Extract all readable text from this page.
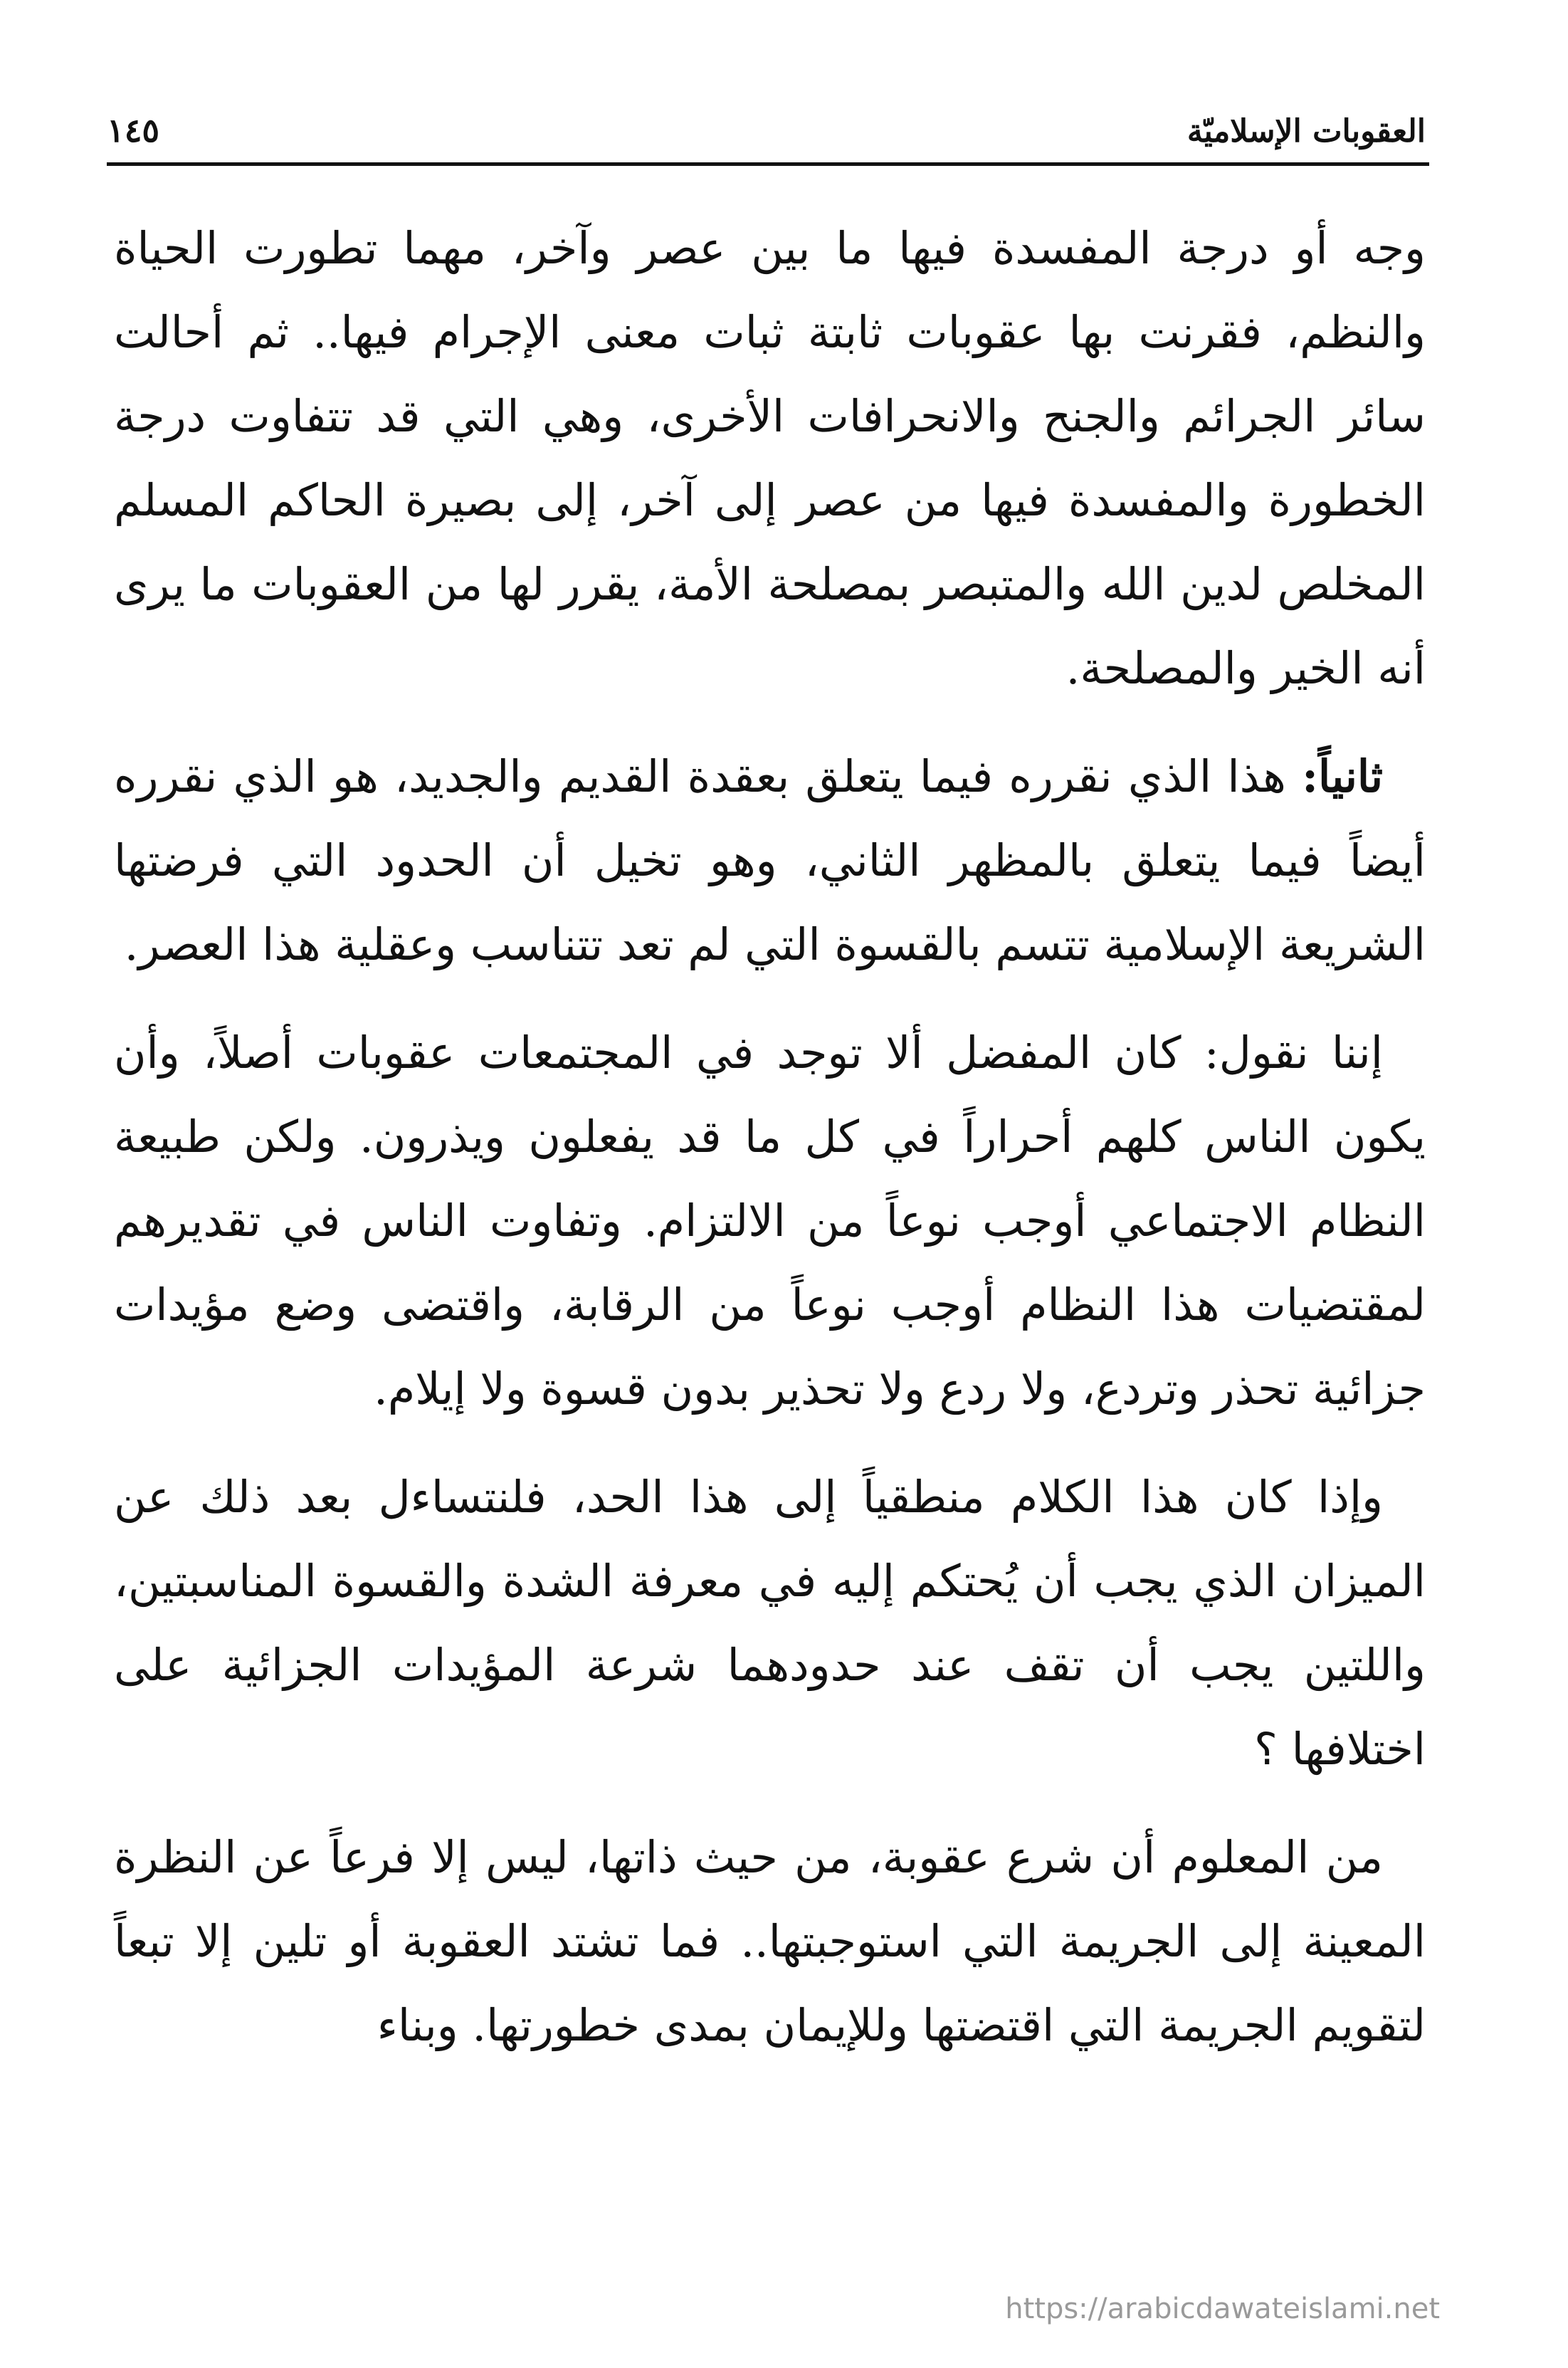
العقوبات الإسلاميّة
١٤٥

وجه أو درجة المفسدة فيها ما بين عصر وآخر، مهما تطورت الحياة والنظم، فقرنت بها عقوبات ثابتة ثبات معنى الإجرام فيها.. ثم أحالت سائر الجرائم والجنح والانحرافات الأخرى، وهي التي قد تتفاوت درجة الخطورة والمفسدة فيها من عصر إلى آخر، إلى بصيرة الحاكم المسلم المخلص لدين الله والمتبصر بمصلحة الأمة، يقرر لها من العقوبات ما يرى أنه الخير والمصلحة.

ثانياً: هذا الذي نقرره فيما يتعلق بعقدة القديم والجديد، هو الذي نقرره أيضاً فيما يتعلق بالمظهر الثاني، وهو تخيل أن الحدود التي فرضتها الشريعة الإسلامية تتسم بالقسوة التي لم تعد تتناسب وعقلية هذا العصر.

إننا نقول: كان المفضل ألا توجد في المجتمعات عقوبات أصلاً، وأن يكون الناس كلهم أحراراً في كل ما قد يفعلون ويذرون. ولكن طبيعة النظام الاجتماعي أوجب نوعاً من الالتزام. وتفاوت الناس في تقديرهم لمقتضيات هذا النظام أوجب نوعاً من الرقابة، واقتضى وضع مؤيدات جزائية تحذر وتردع، ولا ردع ولا تحذير بدون قسوة ولا إيلام.

وإذا كان هذا الكلام منطقياً إلى هذا الحد، فلنتساءل بعد ذلك عن الميزان الذي يجب أن يُحتكم إليه في معرفة الشدة والقسوة المناسبتين، واللتين يجب أن تقف عند حدودهما شرعة المؤيدات الجزائية على اختلافها ؟

من المعلوم أن شرع عقوبة، من حيث ذاتها، ليس إلا فرعاً عن النظرة المعينة إلى الجريمة التي استوجبتها.. فما تشتد العقوبة أو تلين إلا تبعاً لتقويم الجريمة التي اقتضتها وللإيمان بمدى خطورتها. وبناء

https://arabicdawateislami.net
